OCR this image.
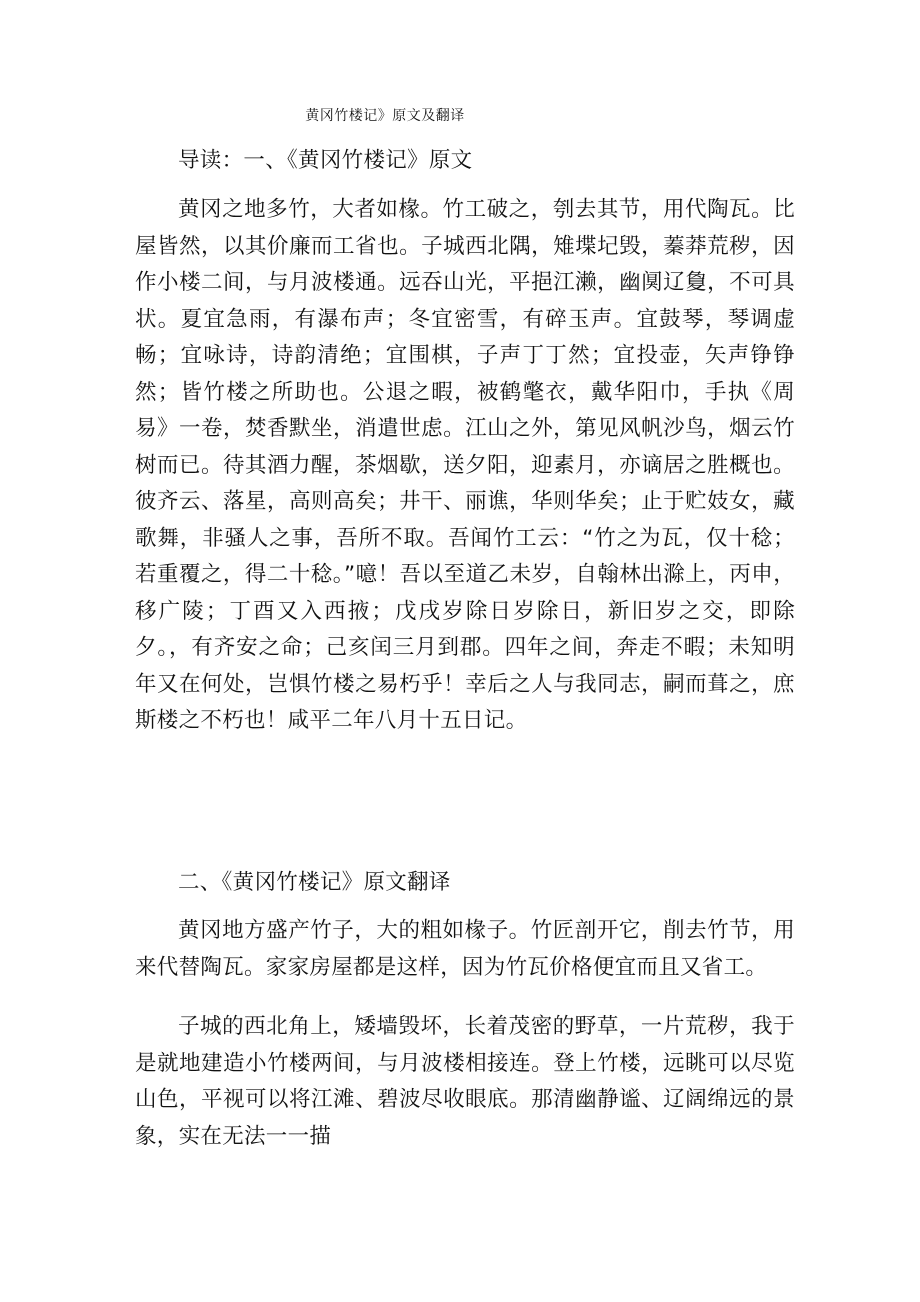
黄冈竹楼记》原文及翻译

导读：一、《黄冈竹楼记》原文

黄冈之地多竹，大者如椽。竹工破之，刳去其节，用代陶瓦。比屋皆然，以其价廉而工省也。子城西北隅，雉堞圮毁，蓁莽荒秽，因作小楼二间，与月波楼通。远吞山光，平挹江濑，幽阒辽敻，不可具状。夏宜急雨，有瀑布声；冬宜密雪，有碎玉声。宜鼓琴，琴调虚畅；宜咏诗，诗韵清绝；宜围棋，子声丁丁然；宜投壶，矢声铮铮然；皆竹楼之所助也。公退之暇，被鹤氅衣，戴华阳巾，手执《周易》一卷，焚香默坐，消遣世虑。江山之外，第见风帆沙鸟，烟云竹树而已。待其酒力醒，茶烟歇，送夕阳，迎素月，亦谪居之胜概也。彼齐云、落星，高则高矣；井干、丽谯，华则华矣；止于贮妓女，藏歌舞，非骚人之事，吾所不取。吾闻竹工云：“竹之为瓦，仅十稔；若重覆之，得二十稔。”噫！吾以至道乙未岁，自翰林出滁上，丙申，移广陵；丁酉又入西掖；戊戌岁除日岁除日，新旧岁之交，即除夕。，有齐安之命；己亥闰三月到郡。四年之间，奔走不暇；未知明年又在何处，岂惧竹楼之易朽乎！幸后之人与我同志，嗣而葺之，庶斯楼之不朽也！咸平二年八月十五日记。

二、《黄冈竹楼记》原文翻译

黄冈地方盛产竹子，大的粗如椽子。竹匠剖开它，削去竹节，用来代替陶瓦。家家房屋都是这样，因为竹瓦价格便宜而且又省工。

子城的西北角上，矮墙毁坏，长着茂密的野草，一片荒秽，我于是就地建造小竹楼两间，与月波楼相接连。登上竹楼，远眺可以尽览山色，平视可以将江滩、碧波尽收眼底。那清幽静谧、辽阔绵远的景象，实在无法一一描
